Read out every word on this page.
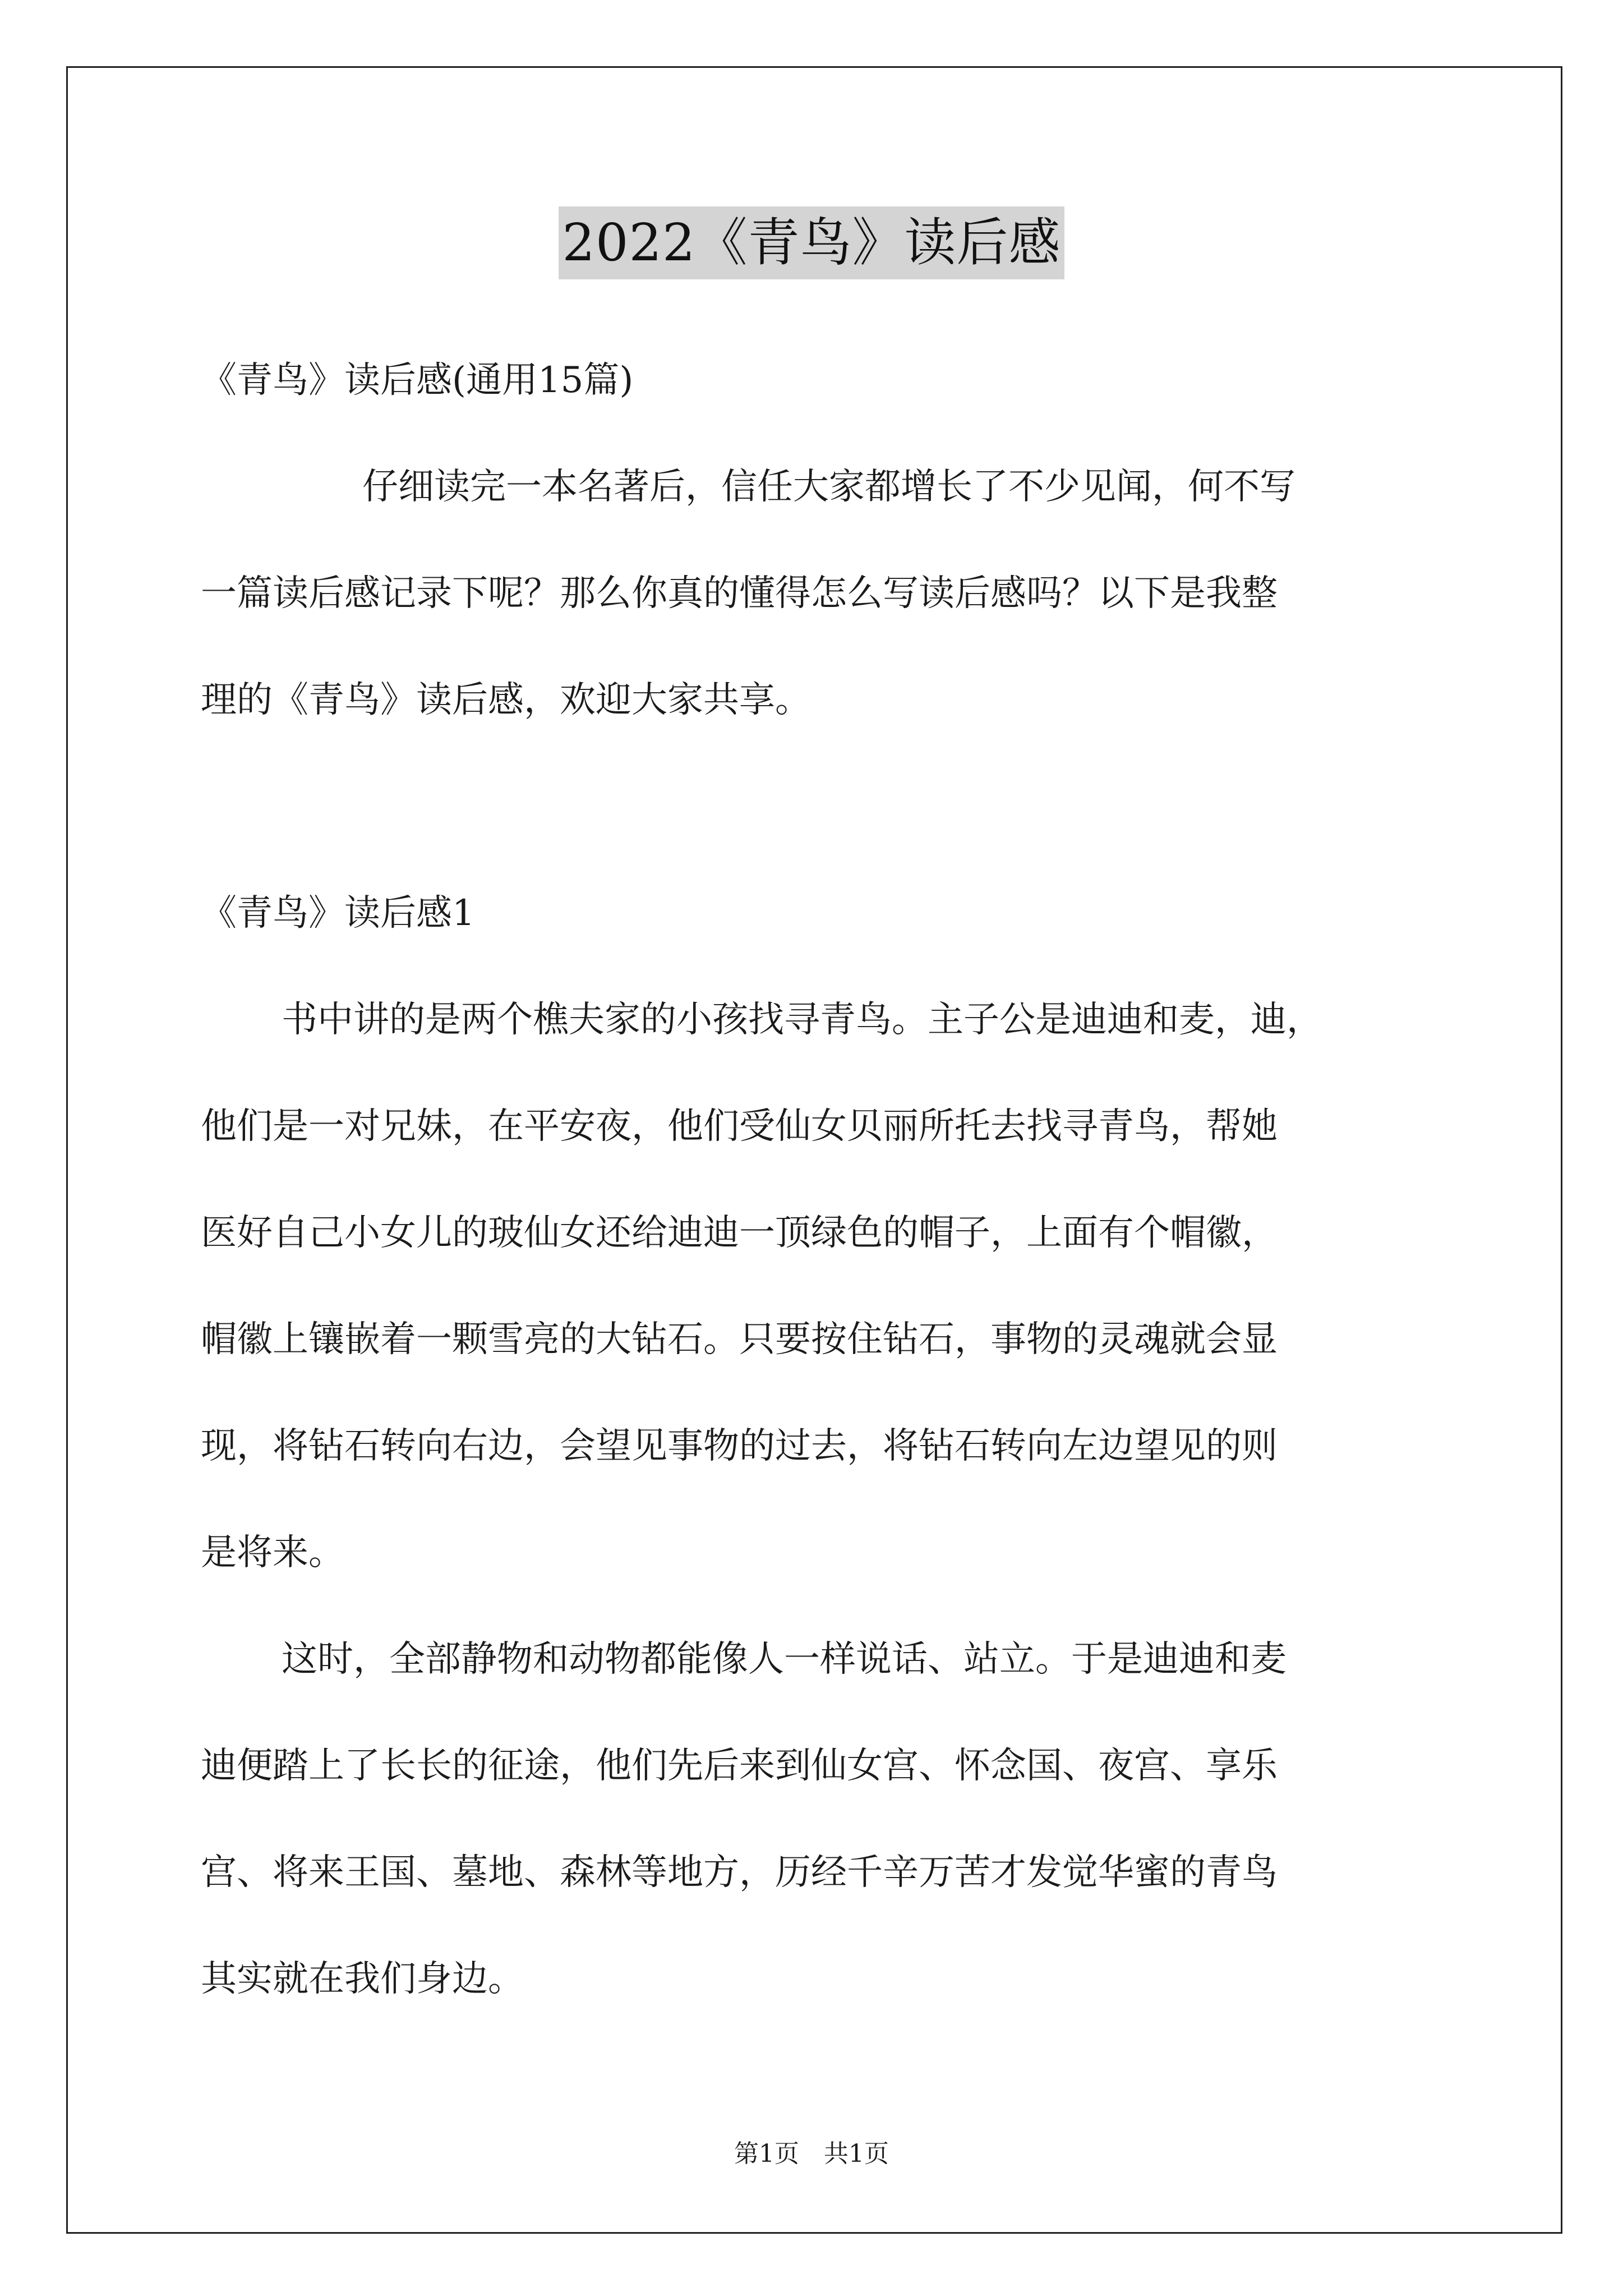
2022《青鸟》读后感
《青鸟》读后感(通用15篇)
仔细读完一本名著后，信任大家都增长了不少见闻，何不写
一篇读后感记录下呢？那么你真的懂得怎么写读后感吗？以下是我整
理的《青鸟》读后感，欢迎大家共享。
《青鸟》读后感1
书中讲的是两个樵夫家的小孩找寻青鸟。主子公是迪迪和麦，迪，
他们是一对兄妹，在平安夜，他们受仙女贝丽所托去找寻青鸟，帮她
医好自己小女儿的玻仙女还给迪迪一顶绿色的帽子，上面有个帽徽，
帽徽上镶嵌着一颗雪亮的大钻石。只要按住钻石，事物的灵魂就会显
现，将钻石转向右边，会望见事物的过去，将钻石转向左边望见的则
是将来。
这时，全部静物和动物都能像人一样说话、站立。于是迪迪和麦
迪便踏上了长长的征途，他们先后来到仙女宫、怀念国、夜宫、享乐
宫、将来王国、墓地、森林等地方，历经千辛万苦才发觉华蜜的青鸟
其实就在我们身边。
第1页　共1页
